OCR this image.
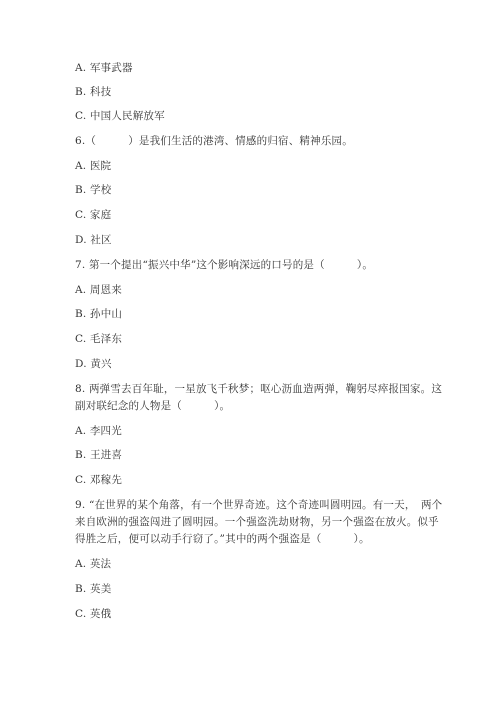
A. 军事武器
B. 科技
C. 中国人民解放军
6.（　　　）是我们生活的港湾、情感的归宿、精神乐园。
A. 医院
B. 学校
C. 家庭
D. 社区
7. 第一个提出“振兴中华”这个影响深远的口号的是（　　　）。
A. 周恩来
B. 孙中山
C. 毛泽东
D. 黄兴
8. 两弹雪去百年耻，一星放飞千秋梦；呕心沥血造两弹，鞠躬尽瘁报国家。这
副对联纪念的人物是（　　　）。
A. 李四光
B. 王进喜
C. 邓稼先
9. “在世界的某个角落，有一个世界奇迹。这个奇迹叫圆明园。有一天，　两个
来自欧洲的强盗闯进了圆明园。一个强盗洗劫财物，另一个强盗在放火。似乎
得胜之后，便可以动手行窃了。”其中的两个强盗是（　　　）。
A. 英法
B. 英美
C. 英俄
